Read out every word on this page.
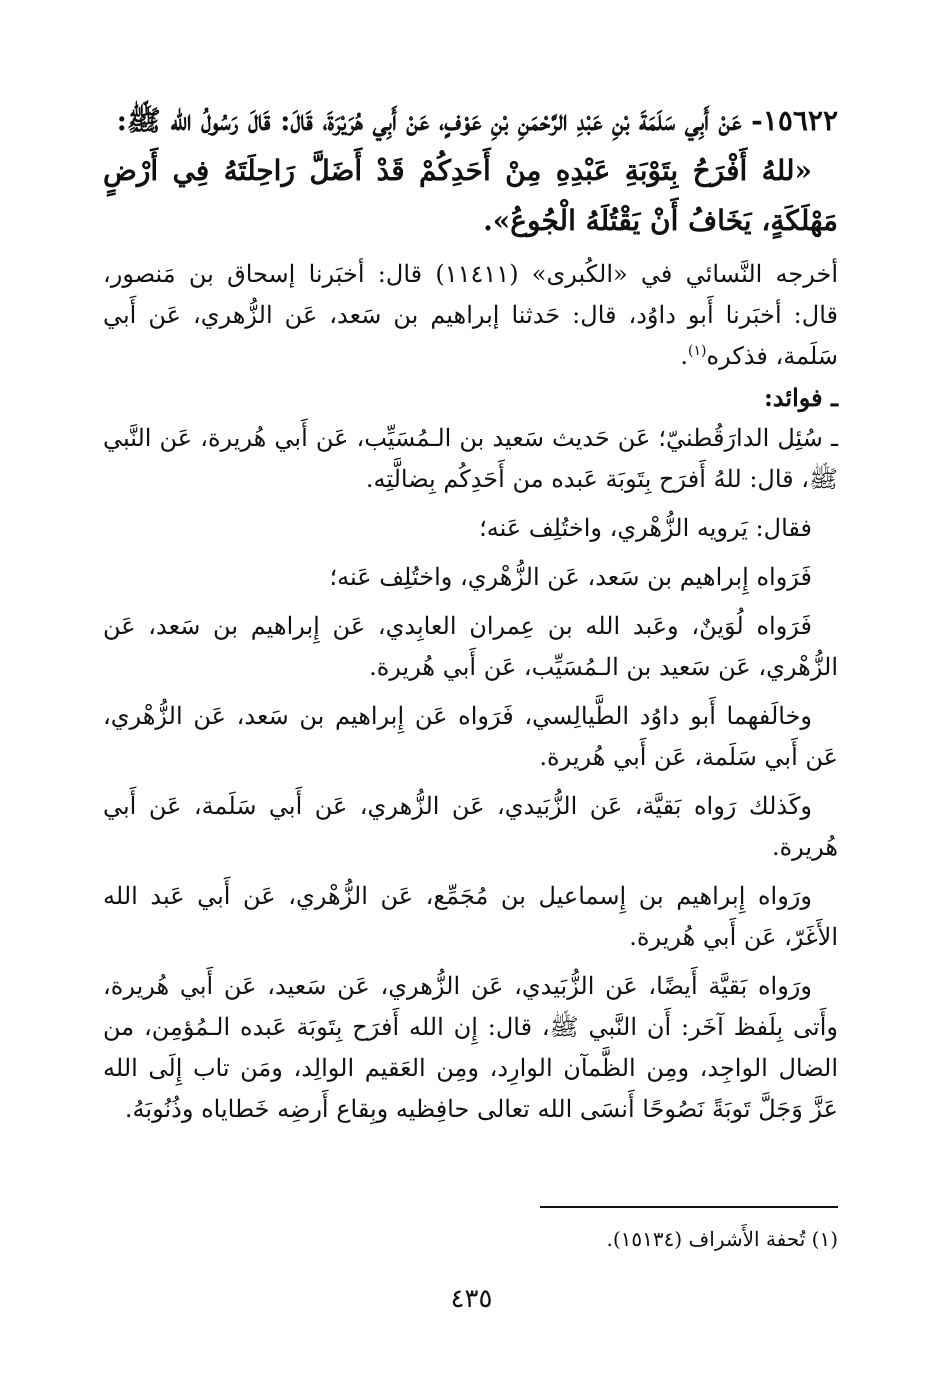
١٥٦٢٢- عَنْ أَبِي سَلَمَةَ بْنِ عَبْدِ الرَّحْمَنِ بْنِ عَوْفٍ، عَنْ أَبِي هُرَيْرَةَ، قَالَ: قَالَ رَسُولُ الله ﷺ:

«للهُ أَفْرَحُ بِتَوْبَةِ عَبْدِهِ مِنْ أَحَدِكُمْ قَدْ أَضَلَّ رَاحِلَتَهُ فِي أَرْضٍ مَهْلَكَةٍ، يَخَافُ أَنْ يَقْتُلَهُ الْجُوعُ».

أخرجه النَّسائي في «الكُبرى» (١١٤١١) قال: أخبَرنا إسحاق بن مَنصور، قال: أخبَرنا أَبو داوُد، قال: حَدثنا إبراهيم بن سَعد، عَن الزُّهري، عَن أَبي سَلَمة، فذكره$^{(١)}$.

ـ فوائد:

ـ سُئِل الدارَقُطنيّ؛ عَن حَديث سَعيد بن الـمُسَيِّب، عَن أَبي هُريرة، عَن النَّبي ﷺ، قال: للهُ أَفرَح بِتَوبَة عَبده من أَحَدِكُم بِضالَّتِه.

فقال: يَرويه الزُّهْري، واختُلِف عَنه؛

فَرَواه إِبراهيم بن سَعد، عَن الزُّهْري، واختُلِف عَنه؛

فَرَواه لُوَينٌ، وعَبد الله بن عِمران العابِدي، عَن إِبراهيم بن سَعد، عَن الزُّهْري، عَن سَعيد بن الـمُسَيِّب، عَن أَبي هُريرة.

وخالَفهما أَبو داوُد الطَّيالِسي، فَرَواه عَن إِبراهيم بن سَعد، عَن الزُّهْري، عَن أَبي سَلَمة، عَن أَبي هُريرة.

وكَذلك رَواه بَقيَّة، عَن الزُّبَيدي، عَن الزُّهري، عَن أَبي سَلَمة، عَن أَبي هُريرة.

ورَواه إِبراهيم بن إِسماعيل بن مُجَمِّع، عَن الزُّهْري، عَن أَبي عَبد الله الأَغَرّ، عَن أَبي هُريرة.

ورَواه بَقيَّة أَيضًا، عَن الزُّبَيدي، عَن الزُّهري، عَن سَعيد، عَن أَبي هُريرة، وأَتى بِلَفظ آخَر: أَن النَّبي ﷺ، قال: إِن الله أَفرَح بِتَوبَة عَبده الـمُؤمِن، من الضال الواجِد، ومِن الظَّمآن الوارِد، ومِن العَقيم الوالِد، ومَن تاب إِلَى الله عَزَّ وَجَلَّ تَوبَةً نَصُوحًا أَنسَى الله تعالى حافِظيه وبِقاع أَرضِه خَطاياه وذُنُوبَهُ.

(١) تُحفة الأَشراف (١٥١٣٤).

٤٣٥
